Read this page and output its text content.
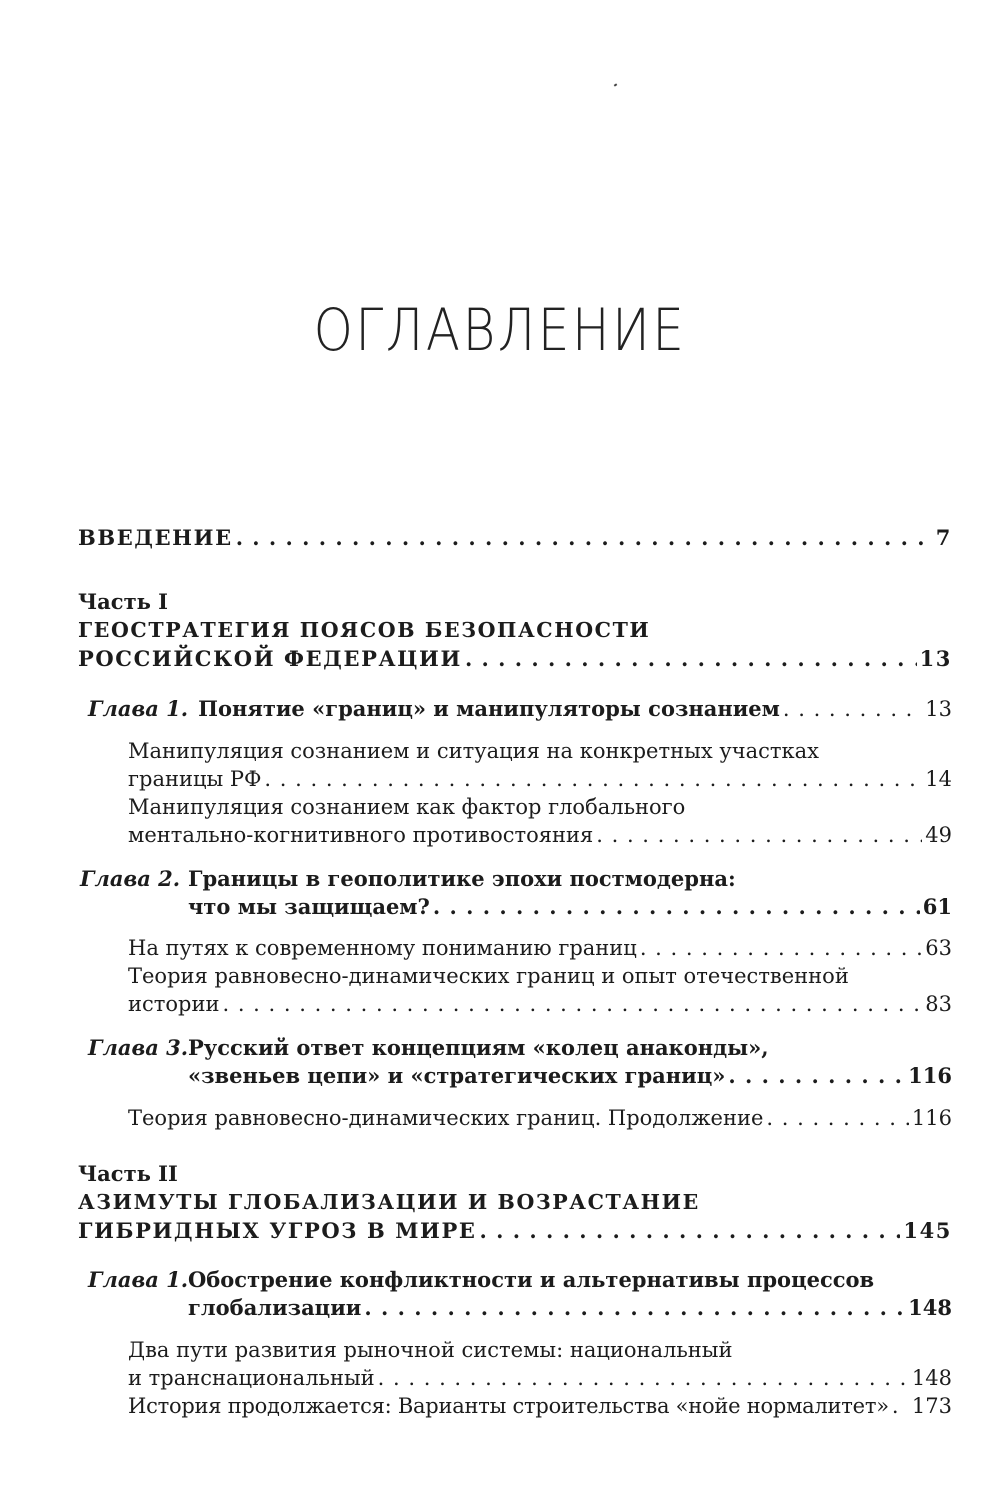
ОГЛАВЛЕНИЕ
ВВЕДЕНИЕ . . .	7
Часть I
ГЕОСТРАТЕГИЯ ПОЯСОВ БЕЗОПАСНОСТИ
РОССИЙСКОЙ ФЕДЕРАЦИИ . . .	13
Глава 1. Понятие «границ» и манипуляторы сознанием . . .	13
Манипуляция сознанием и ситуация на конкретных участках
границы РФ . . .	14
Манипуляция сознанием как фактор глобального
ментально-когнитивного противостояния . . .	49
Глава 2. Границы в геополитике эпохи постмодерна:
что мы защищаем? . . .	61
На путях к современному пониманию границ . . .	63
Теория равновесно-динамических границ и опыт отечественной
истории . . .	83
Глава 3. Русский ответ концепциям «колец анаконды»,
«звеньев цепи» и «стратегических границ» . . .	116
Теория равновесно-динамических границ. Продолжение . . .	116
Часть II
АЗИМУТЫ ГЛОБАЛИЗАЦИИ И ВОЗРАСТАНИЕ
ГИБРИДНЫХ УГРОЗ В МИРЕ . . .	145
Глава 1. Обострение конфликтности и альтернативы процессов
глобализации . . .	148
Два пути развития рыночной системы: национальный
и транснациональный . . .	148
История продолжается: Варианты строительства «нойе нормалитет» . . . 173
